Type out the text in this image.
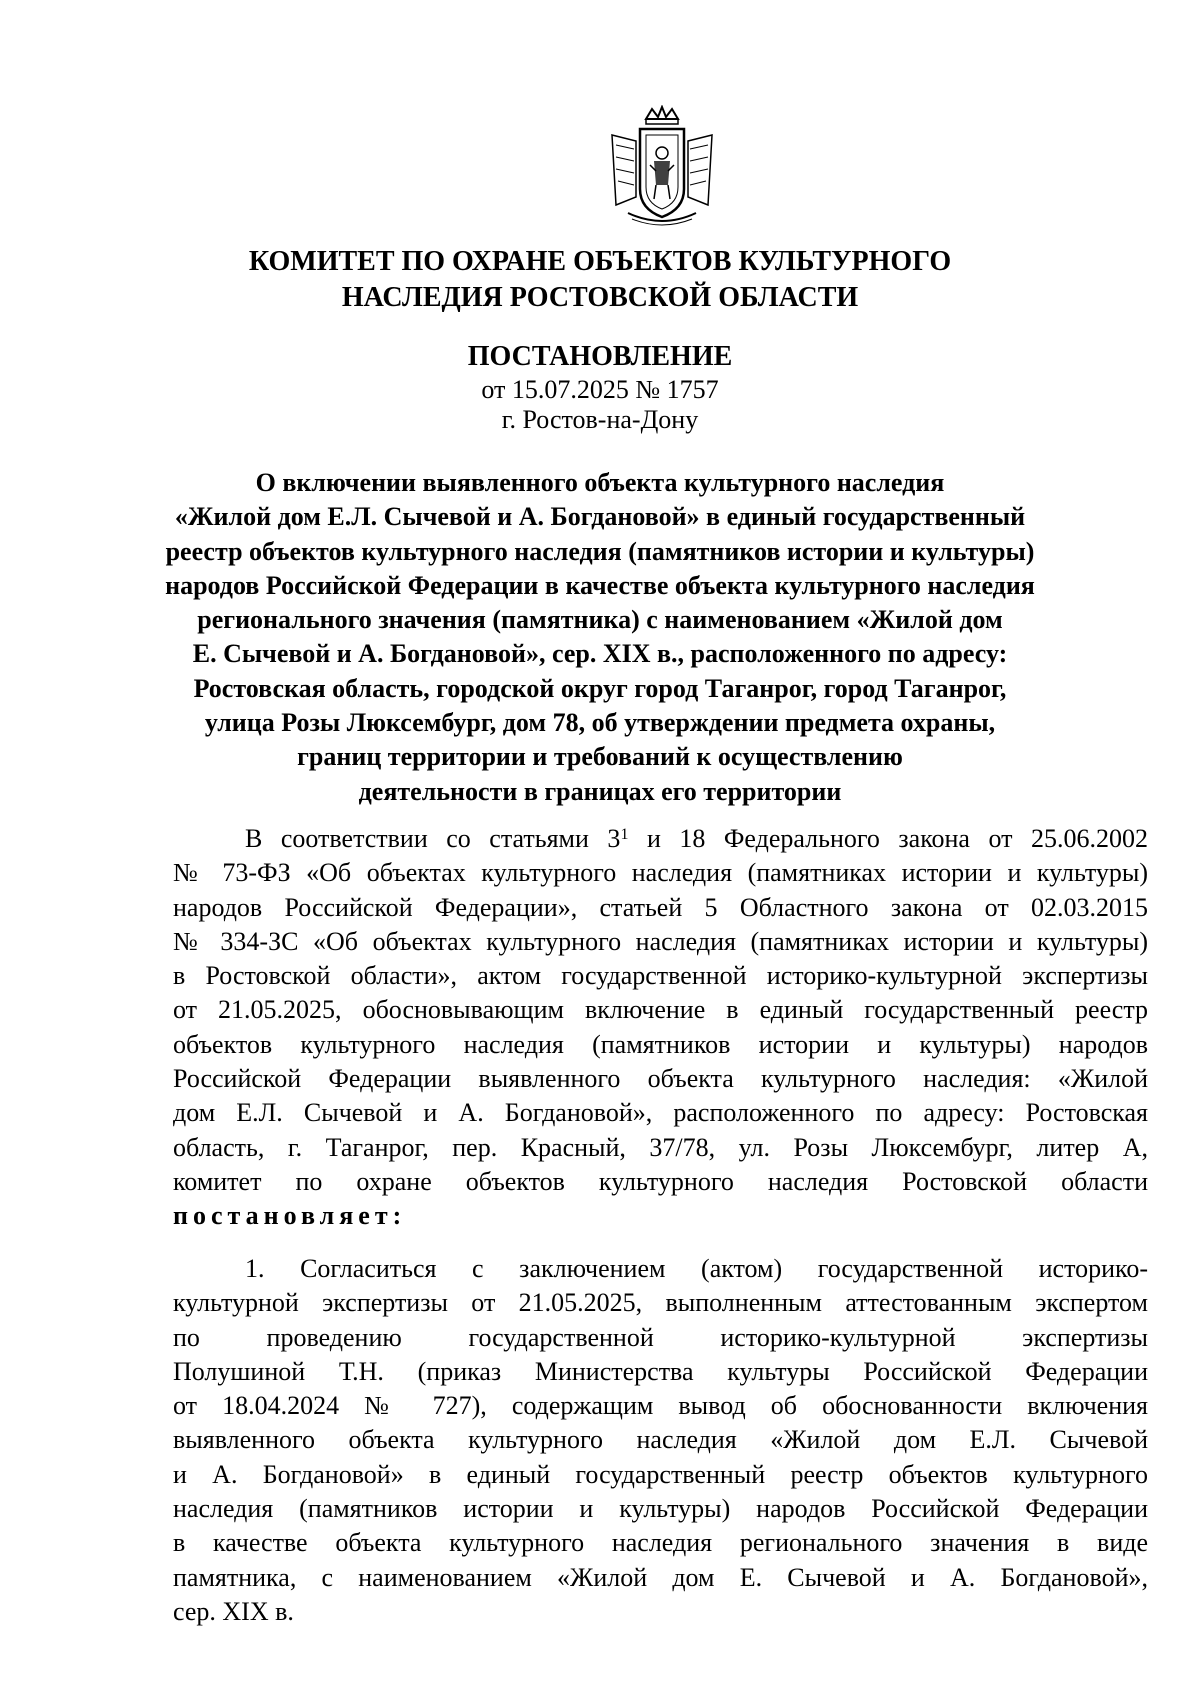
КОМИТЕТ ПО ОХРАНЕ ОБЪЕКТОВ КУЛЬТУРНОГО
НАСЛЕДИЯ РОСТОВСКОЙ ОБЛАСТИ
ПОСТАНОВЛЕНИЕ
от 15.07.2025 № 1757
г. Ростов-на-Дону
О включении выявленного объекта культурного наследия
«Жилой дом Е.Л. Сычевой и А. Богдановой» в единый государственный
реестр объектов культурного наследия (памятников истории и культуры)
народов Российской Федерации в качестве объекта культурного наследия
регионального значения (памятника) с наименованием «Жилой дом
Е. Сычевой и А. Богдановой», сер. XIX в., расположенного по адресу:
Ростовская область, городской округ город Таганрог, город Таганрог,
улица Розы Люксембург, дом 78, об утверждении предмета охраны,
границ территории и требований к осуществлению
деятельности в границах его территории
В соответствии со статьями $3^1$ и 18 Федерального закона от 25.06.2002
№ 73-ФЗ «Об объектах культурного наследия (памятниках истории и культуры)
народов Российской Федерации», статьей 5 Областного закона от 02.03.2015
№ 334-ЗС «Об объектах культурного наследия (памятниках истории и культуры)
в Ростовской области», актом государственной историко-культурной экспертизы
от 21.05.2025, обосновывающим включение в единый государственный реестр
объектов культурного наследия (памятников истории и культуры) народов
Российской Федерации выявленного объекта культурного наследия: «Жилой
дом Е.Л. Сычевой и А. Богдановой», расположенного по адресу: Ростовская
область, г. Таганрог, пер. Красный, 37/78, ул. Розы Люксембург, литер А,
комитет по охране объектов культурного наследия Ростовской области
постановляет:
1. Согласиться с заключением (актом) государственной историко-
культурной экспертизы от 21.05.2025, выполненным аттестованным экспертом
по проведению государственной историко-культурной экспертизы
Полушиной Т.Н. (приказ Министерства культуры Российской Федерации
от 18.04.2024 № 727), содержащим вывод об обоснованности включения
выявленного объекта культурного наследия «Жилой дом Е.Л. Сычевой
и А. Богдановой» в единый государственный реестр объектов культурного
наследия (памятников истории и культуры) народов Российской Федерации
в качестве объекта культурного наследия регионального значения в виде
памятника, с наименованием «Жилой дом Е. Сычевой и А. Богдановой»,
сер. XIX в.
